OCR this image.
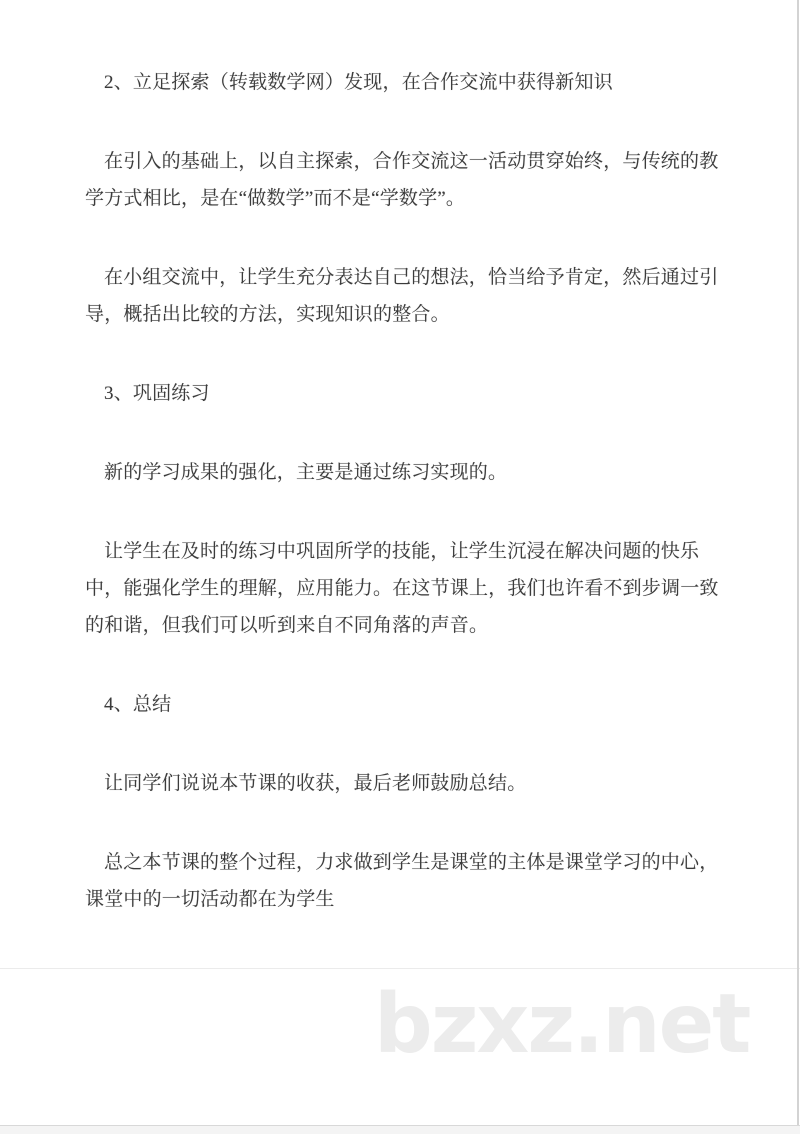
2、立足探索（转载数学网）发现，在合作交流中获得新知识

在引入的基础上，以自主探索，合作交流这一活动贯穿始终，与传统的教
学方式相比，是在“做数学”而不是“学数学”。

在小组交流中，让学生充分表达自己的想法，恰当给予肯定，然后通过引
导，概括出比较的方法，实现知识的整合。

3、巩固练习

新的学习成果的强化，主要是通过练习实现的。

让学生在及时的练习中巩固所学的技能，让学生沉浸在解决问题的快乐
中，能强化学生的理解，应用能力。在这节课上，我们也许看不到步调一致
的和谐，但我们可以听到来自不同角落的声音。

4、总结

让同学们说说本节课的收获，最后老师鼓励总结。

总之本节课的整个过程，力求做到学生是课堂的主体是课堂学习的中心，
课堂中的一切活动都在为学生

bzxz.net
